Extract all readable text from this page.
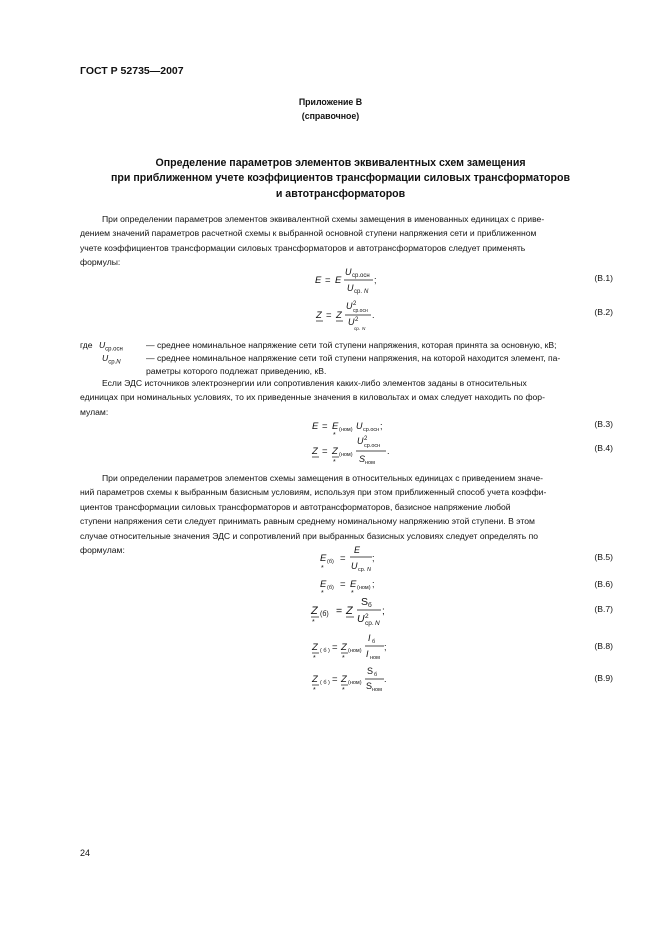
ГОСТ Р 52735—2007
Приложение В
(справочное)
Определение параметров элементов эквивалентных схем замещения
при приближенном учете коэффициентов трансформации силовых трансформаторов
и автотрансформаторов
При определении параметров элементов эквивалентной схемы замещения в именованных единицах с приве-
дением значений параметров расчетной схемы к выбранной основной ступени напряжения сети и приближенном
учете коэффициентов трансформации силовых трансформаторов и автотрансформаторов следует применять
формулы:
E = E
U ср.осн
U ср. N
;	(В.1)
Z = Z
U 2
ср.осн
U 2
ср. N
.	(В.2)
где $U_{ср.осн}$	— среднее номинальное напряжение сети той ступени напряжения, которая принята за основную, кВ;
$U_{ср.N}$	— среднее номинальное напряжение сети той ступени напряжения, на которой находится элемент, па-
раметры которого подлежат приведению, кВ.
Если ЭДС источников электроэнергии или сопротивления каких-либо элементов заданы в относительных
единицах при номинальных условиях, то их приведенные значения в киловольтах и омах следует находить по фор-
мулам:
E = E
*
(ном) U ср.осн ;	(В.3)
Z = Z
*
(ном)
U 2
ср.осн
S ном
.	(В.4)
При определении параметров элементов схемы замещения в относительных единицах с приведением значе-
ний параметров схемы к выбранным базисным условиям, используя при этом приближенный способ учета коэффи-
циентов трансформации силовых трансформаторов и автотрансформаторов, базисное напряжение любой
ступени напряжения сети следует принимать равным среднему номинальному напряжению этой ступени. В этом
случае относительные значения ЭДС и сопротивлений при выбранных базисных условиях следует определять по
формулам:
E
*
(б) =
E
U ср. N
;	(В.5)
E
*
(б) = E
*
(ном) ;	(В.6)
Z
*
(б) = Z
S б
U 2
ср. N
;	(В.7)
Z
*
( б ) = Z
*
(ном)
I б
I ном
;	(В.8)
Z
*
( б ) = Z
*
(ном)
S б
S ном
.	(В.9)
24
